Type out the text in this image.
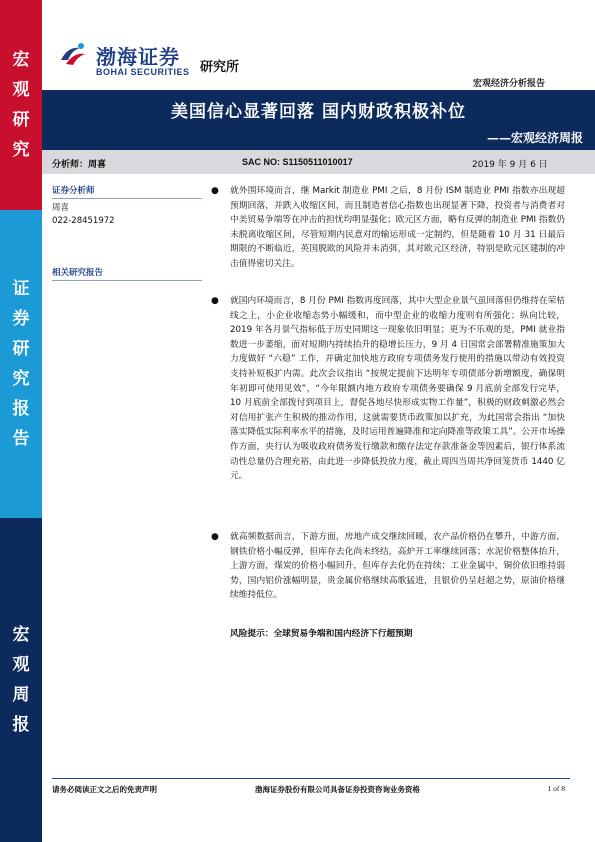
宏
观
研
究
证
券
研
究
报
告
宏
观
周
报
渤海证券
BOHAI SECURITIES 研究所
宏观经济分析报告
美国信心显著回落 国内财政积极补位
——宏观经济周报
分析师：周喜	SAC NO: S1150511010017	2019 年 9 月 6 日
证券分析师
周喜
022-28451972
相关研究报告
● 就外围环境而言，继 Markit 制造业 PMI 之后，8 月份 ISM 制造业 PMI 指数亦出现超预期回落，并跌入收缩区间，而且制造者信心指数也出现显著下降，投资者与消费者对中美贸易争端等在冲击的担忧均明显强化；欧元区方面，略有反弹的制造业 PMI 指数仍未脱离收缩区间，尽管短期内民意对的输运形成一定制约，但是随着 10 月 31 日最后期限的不断临近，英国脱欧的风险并未消弭，其对欧元区经济，特别是欧元区建制的冲击值得密切关注。
● 就国内环境而言，8 月份 PMI 指数再度回落，其中大型企业景气虽回落但仍维持在荣枯线之上，小企业收缩态势小幅缓和，而中型企业的收缩力度则有所强化；纵向比较，2019 年各月景气指标低于历史同期这一现象依旧明显；更为不乐观的是，PMI 就业指数进一步萎缩，面对短期内持续抬升的稳增长压力，9 月 4 日国常会部署精准施策加大力度做好 “六稳” 工作，并确定加快地方政府专项债务发行使用的措施以带动有效投资支持补短板扩内需。此次会议指出 “按规定提前下达明年专项债部分新增额度，确保明年初即可使用见效”，“今年限额内地方政府专项债务要确保 9 月底前全部发行完毕，10 月底前全部拨付到项目上，督促各地尽快形成实物工作量”，积极的财政刺激必然会对信用扩张产生积极的推动作用，这就需要货币政策加以扩充，为此国常会指出 “加快落实降低实际利率水平的措施，及时运用普遍降准和定向降准等政策工具”。公开市场操作方面，央行认为吸收政府债务发行缴款和缴存法定存款准备金等因素后，银行体系流动性总量仍合理充裕，由此进一步降低投放力度，截止周四当周共净回笼货币 1440 亿元。
● 就高频数据而言，下游方面，房地产成交继续回暖，农产品价格仍在攀升，中游方面，钢铁价格小幅反弹，但库存去化尚未终结，高炉开工率继续回落；水泥价格整体抬升，上游方面，煤炭的价格小幅回升，但库存去化仍在持续；工业金属中，铜价依旧维持弱势，国内铝价涨幅明显，贵金属价格继续高歌猛进，且银价仍呈赶超之势，原油价格继续维持低位。
风险提示：全球贸易争端和国内经济下行超预期
请务必阅读正文之后的免责声明	渤海证券股份有限公司具备证券投资咨询业务资格	1 of 8
